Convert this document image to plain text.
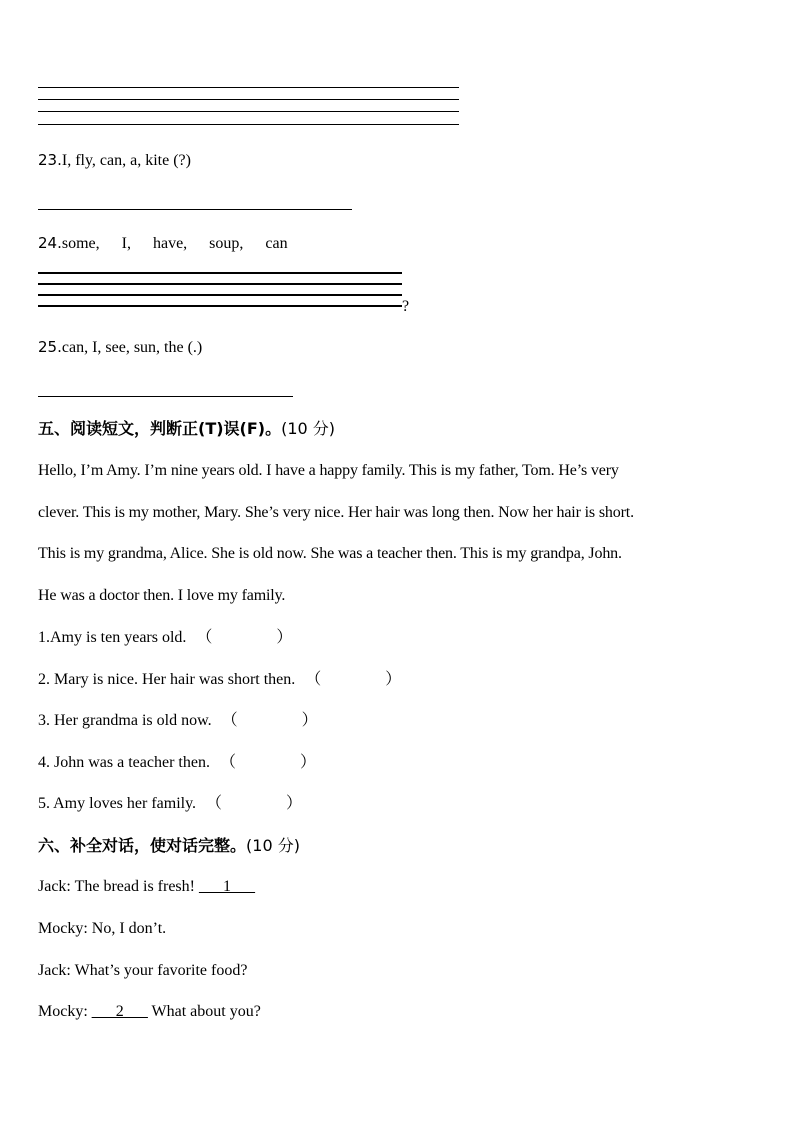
23.I, fly, can, a, kite (?)
24.some, I, have, soup, can
?
25.can, I, see, sun, the (.)
五、阅读短文，判断正(T)误(F)。(10 分)
Hello, I’m Amy. I’m nine years old. I have a happy family. This is my father, Tom. He’s very
clever. This is my mother, Mary. She’s very nice. Her hair was long then. Now her hair is short.
This is my grandma, Alice. She is old now. She was a teacher then. This is my grandpa, John.
He was a doctor then. I love my family.
1.Amy is ten years old. （　　　　）
2. Mary is nice. Her hair was short then. （　　　　）
3. Her grandma is old now. （　　　　）
4. John was a teacher then. （　　　　）
5. Amy loves her family. （　　　　）
六、补全对话，使对话完整。(10 分)
Jack: The bread is fresh! ___1___
Mocky: No, I don’t.
Jack: What’s your favorite food?
Mocky: ___2___ What about you?
